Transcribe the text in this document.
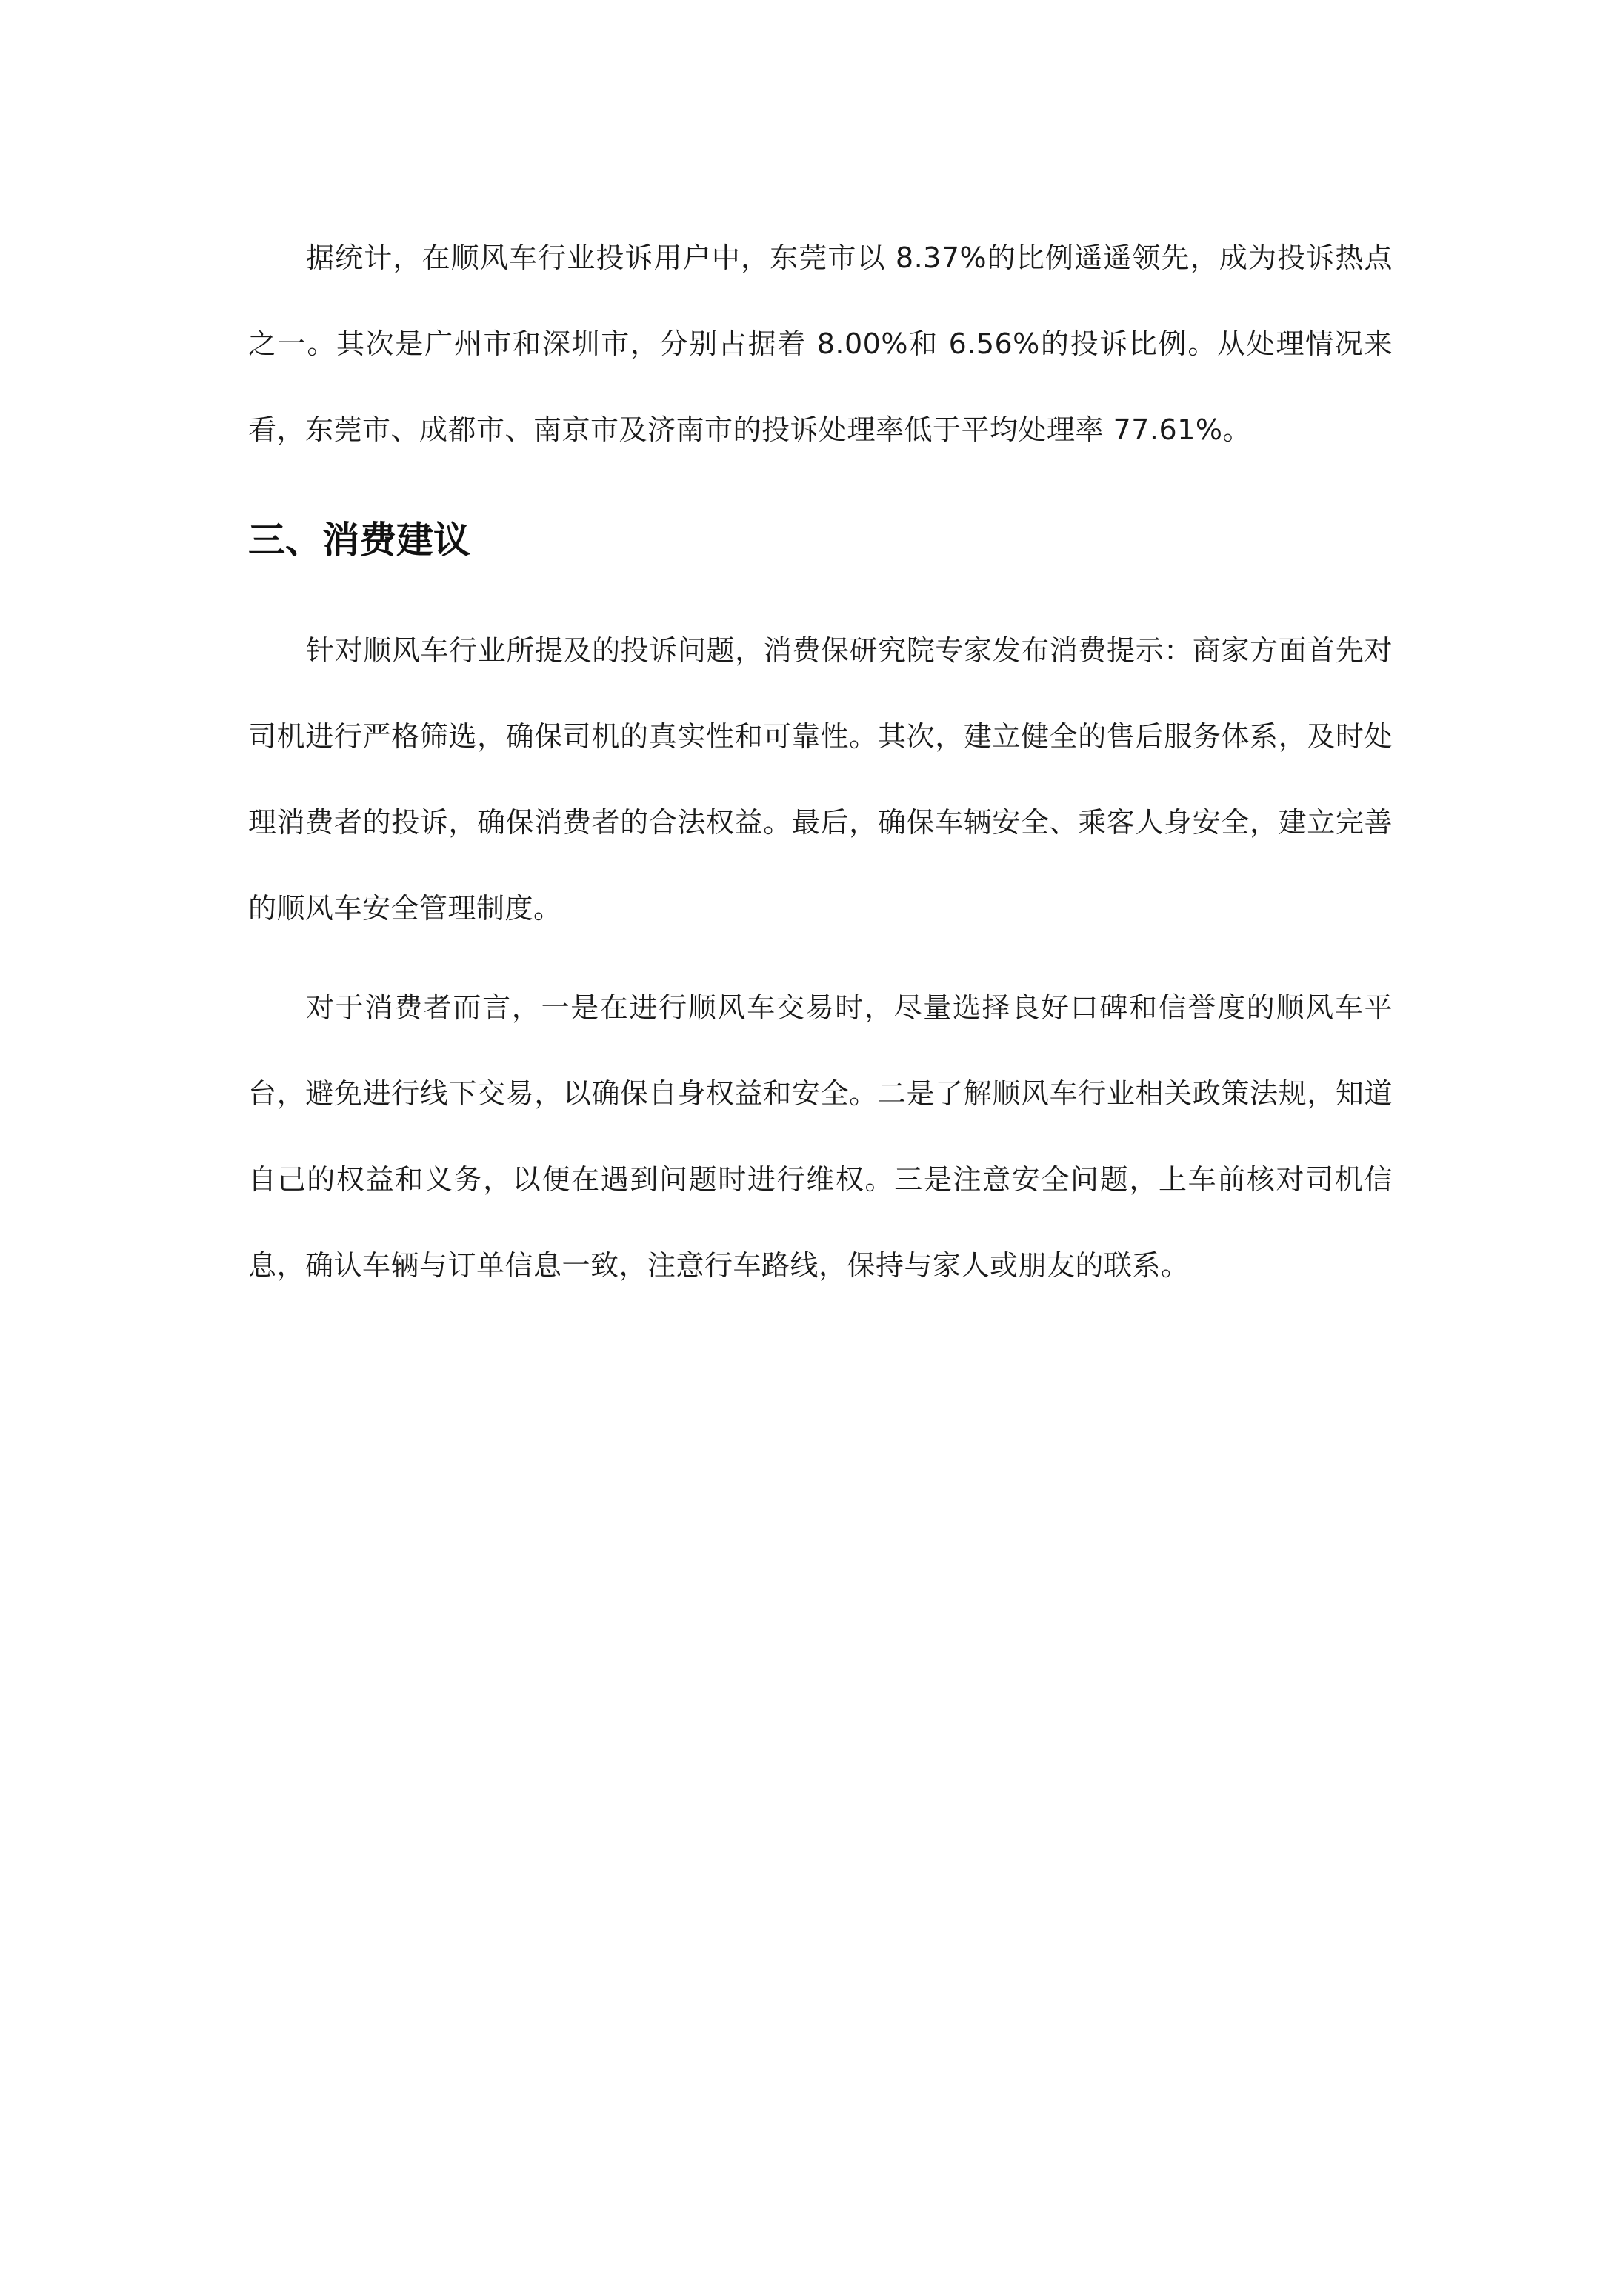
据统计，在顺风车行业投诉用户中，东莞市以 8.37%的比例遥遥领先，成为投诉热点之一。其次是广州市和深圳市，分别占据着 8.00%和 6.56%的投诉比例。从处理情况来看，东莞市、成都市、南京市及济南市的投诉处理率低于平均处理率 77.61%。

三、消费建议

针对顺风车行业所提及的投诉问题，消费保研究院专家发布消费提示：商家方面首先对司机进行严格筛选，确保司机的真实性和可靠性。其次，建立健全的售后服务体系，及时处理消费者的投诉，确保消费者的合法权益。最后，确保车辆安全、乘客人身安全，建立完善的顺风车安全管理制度。

对于消费者而言，一是在进行顺风车交易时，尽量选择良好口碑和信誉度的顺风车平台，避免进行线下交易，以确保自身权益和安全。二是了解顺风车行业相关政策法规，知道自己的权益和义务，以便在遇到问题时进行维权。三是注意安全问题，上车前核对司机信息，确认车辆与订单信息一致，注意行车路线，保持与家人或朋友的联系。
